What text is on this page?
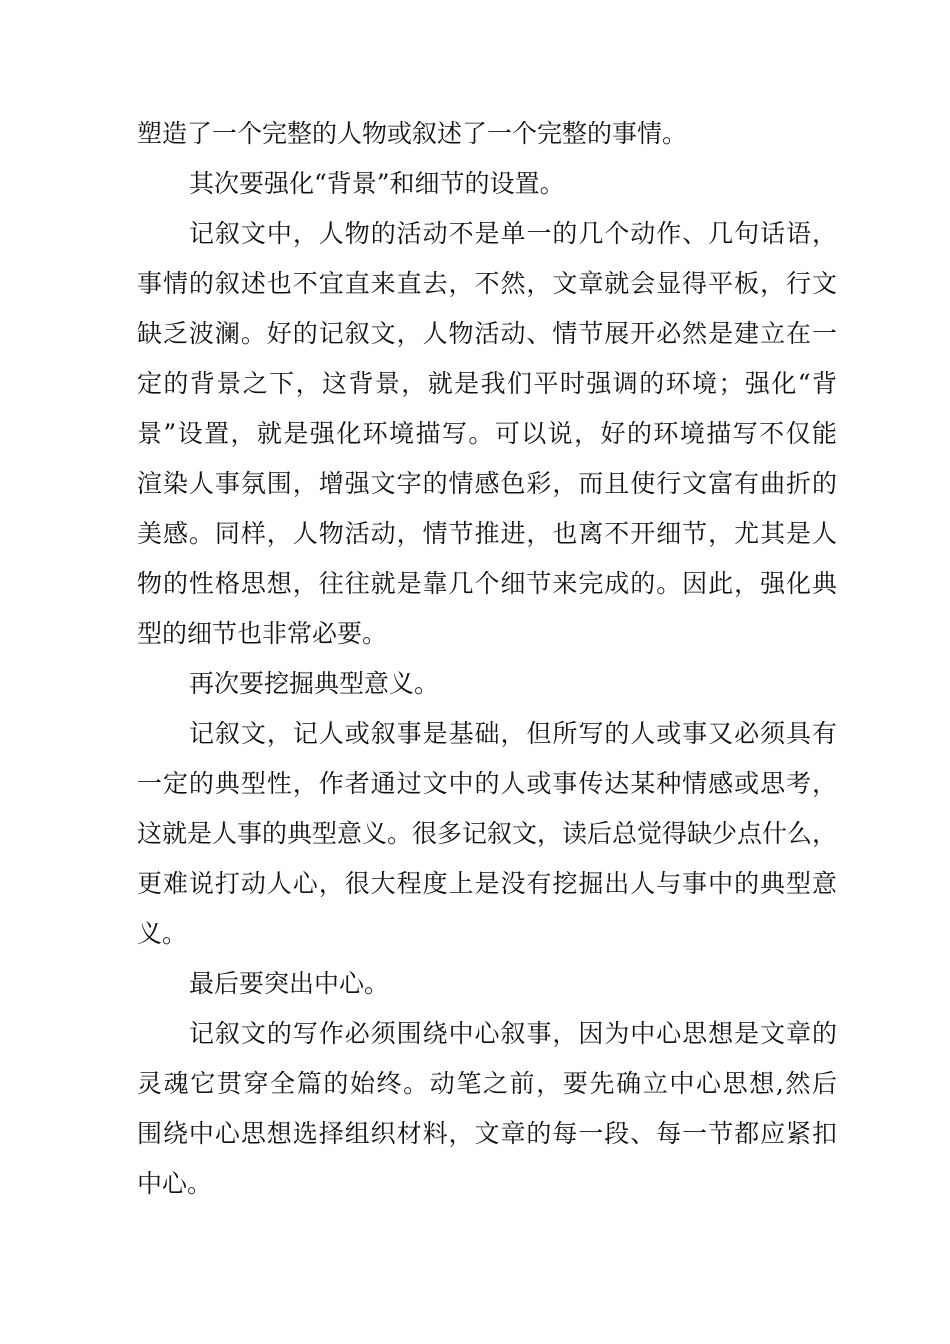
塑造了一个完整的人物或叙述了一个完整的事情。
其次要强化“背景”和细节的设置。
记叙文中，人物的活动不是单一的几个动作、几句话语，
事情的叙述也不宜直来直去，不然，文章就会显得平板，行文
缺乏波澜。好的记叙文，人物活动、情节展开必然是建立在一
定的背景之下，这背景，就是我们平时强调的环境；强化“背
景”设置，就是强化环境描写。可以说，好的环境描写不仅能
渲染人事氛围，增强文字的情感色彩，而且使行文富有曲折的
美感。同样，人物活动，情节推进，也离不开细节，尤其是人
物的性格思想，往往就是靠几个细节来完成的。因此，强化典
型的细节也非常必要。
再次要挖掘典型意义。
记叙文，记人或叙事是基础，但所写的人或事又必须具有
一定的典型性，作者通过文中的人或事传达某种情感或思考，
这就是人事的典型意义。很多记叙文，读后总觉得缺少点什么，
更难说打动人心，很大程度上是没有挖掘出人与事中的典型意
义。
最后要突出中心。
记叙文的写作必须围绕中心叙事，因为中心思想是文章的
灵魂它贯穿全篇的始终。动笔之前，要先确立中心思想,然后
围绕中心思想选择组织材料，文章的每一段、每一节都应紧扣
中心。
